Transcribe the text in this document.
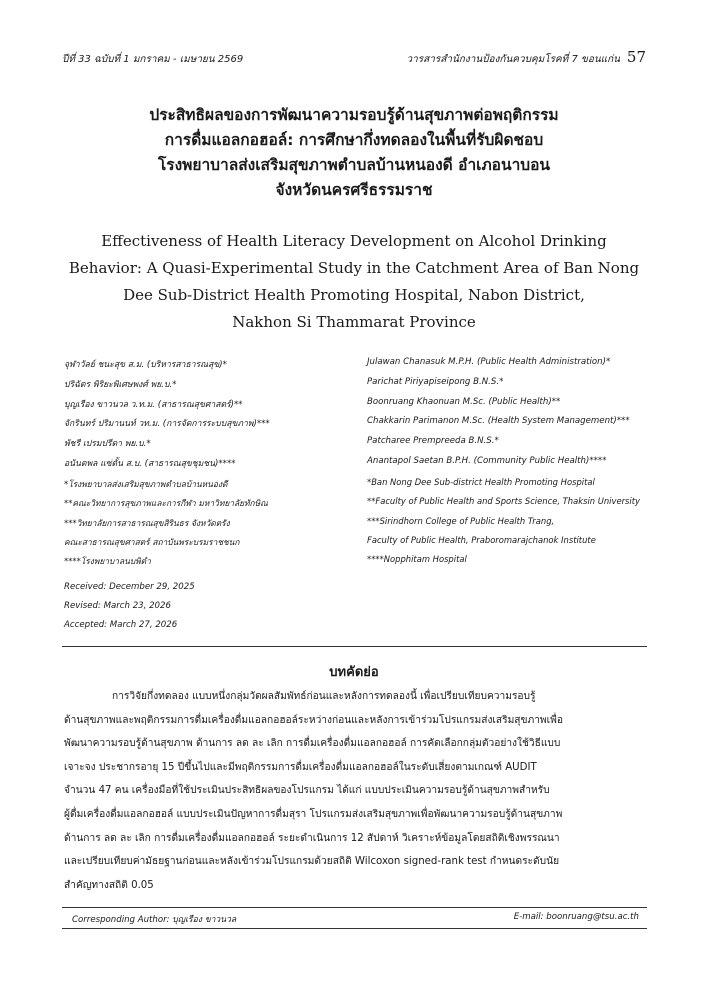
ปีที่ 33 ฉบับที่ 1 มกราคม - เมษายน 2569	วารสารสำนักงานป้องกันควบคุมโรคที่ 7 ขอนแก่น 57
ประสิทธิผลของการพัฒนาความรอบรู้ด้านสุขภาพต่อพฤติกรรม
การดื่มแอลกอฮอล์: การศึกษากึ่งทดลองในพื้นที่รับผิดชอบ
โรงพยาบาลส่งเสริมสุขภาพตำบลบ้านหนองดี อำเภอนาบอน
จังหวัดนครศรีธรรมราช
Effectiveness of Health Literacy Development on Alcohol Drinking
Behavior: A Quasi-Experimental Study in the Catchment Area of Ban Nong
Dee Sub-District Health Promoting Hospital, Nabon District,
Nakhon Si Thammarat Province
จุฬาวัลย์ ชนะสุข ส.ม. (บริหารสาธารณสุข)*	Julawan Chanasuk M.P.H. (Public Health Administration)*
ปริฉัตร พิริยะพิเศษพงศ์ พย.บ.*	Parichat Piriyapiseipong B.N.S.*
บุญเรือง ขาวนวล ว.ท.ม. (สาธารณสุขศาสตร์)**	Boonruang Khaonuan M.Sc. (Public Health)**
จักรินทร์ ปริมานนท์ วท.ม. (การจัดการระบบสุขภาพ)***	Chakkarin Parimanon M.Sc. (Health System Management)***
พัชรี เปรมปรีดา พย.บ.*	Patcharee Prempreeda B.N.S.*
อนันตพล แซ่ตั้น ส.บ. (สาธารณสุขชุมชน)****	Anantapol Saetan B.P.H. (Community Public Health)****
*โรงพยาบาลส่งเสริมสุขภาพตำบลบ้านหนองดี	*Ban Nong Dee Sub-district Health Promoting Hospital
**คณะวิทยาการสุขภาพและการกีฬา มหาวิทยาลัยทักษิณ	**Faculty of Public Health and Sports Science, Thaksin University
***วิทยาลัยการสาธารณสุขสิรินธร จังหวัดตรัง	***Sirindhorn College of Public Health Trang,
คณะสาธารณสุขศาสตร์ สถาบันพระบรมราชชนก	Faculty of Public Health, Praboromarajchanok Institute
****โรงพยาบาลนบพิตำ	****Nopphitam Hospital
Received: December 29, 2025
Revised: March 23, 2026
Accepted: March 27, 2026
บทคัดย่อ
การวิจัยกึ่งทดลอง แบบหนึ่งกลุ่มวัดผลสัมพัทธ์ก่อนและหลังการทดลองนี้ เพื่อเปรียบเทียบความรอบรู้
ด้านสุขภาพและพฤติกรรมการดื่มเครื่องดื่มแอลกอฮอล์ระหว่างก่อนและหลังการเข้าร่วมโปรแกรมส่งเสริมสุขภาพเพื่อ
พัฒนาความรอบรู้ด้านสุขภาพ ด้านการ ลด ละ เลิก การดื่มเครื่องดื่มแอลกอฮอล์ การคัดเลือกกลุ่มตัวอย่างใช้วิธีแบบ
เจาะจง ประชากรอายุ 15 ปีขึ้นไปและมีพฤติกรรมการดื่มเครื่องดื่มแอลกอฮอล์ในระดับเสี่ยงตามเกณฑ์ AUDIT
จำนวน 47 คน เครื่องมือที่ใช้ประเมินประสิทธิผลของโปรแกรม ได้แก่ แบบประเมินความรอบรู้ด้านสุขภาพสำหรับ
ผู้ดื่มเครื่องดื่มแอลกอฮอล์ แบบประเมินปัญหาการดื่มสุรา โปรแกรมส่งเสริมสุขภาพเพื่อพัฒนาความรอบรู้ด้านสุขภาพ
ด้านการ ลด ละ เลิก การดื่มเครื่องดื่มแอลกอฮอล์ ระยะดำเนินการ 12 สัปดาห์ วิเคราะห์ข้อมูลโดยสถิติเชิงพรรณนา
และเปรียบเทียบค่ามัธยฐานก่อนและหลังเข้าร่วมโปรแกรมด้วยสถิติ Wilcoxon signed-rank test กำหนดระดับนัย
สำคัญทางสถิติ 0.05
Corresponding Author: บุญเรือง ขาวนวล	E-mail: boonruang@tsu.ac.th
